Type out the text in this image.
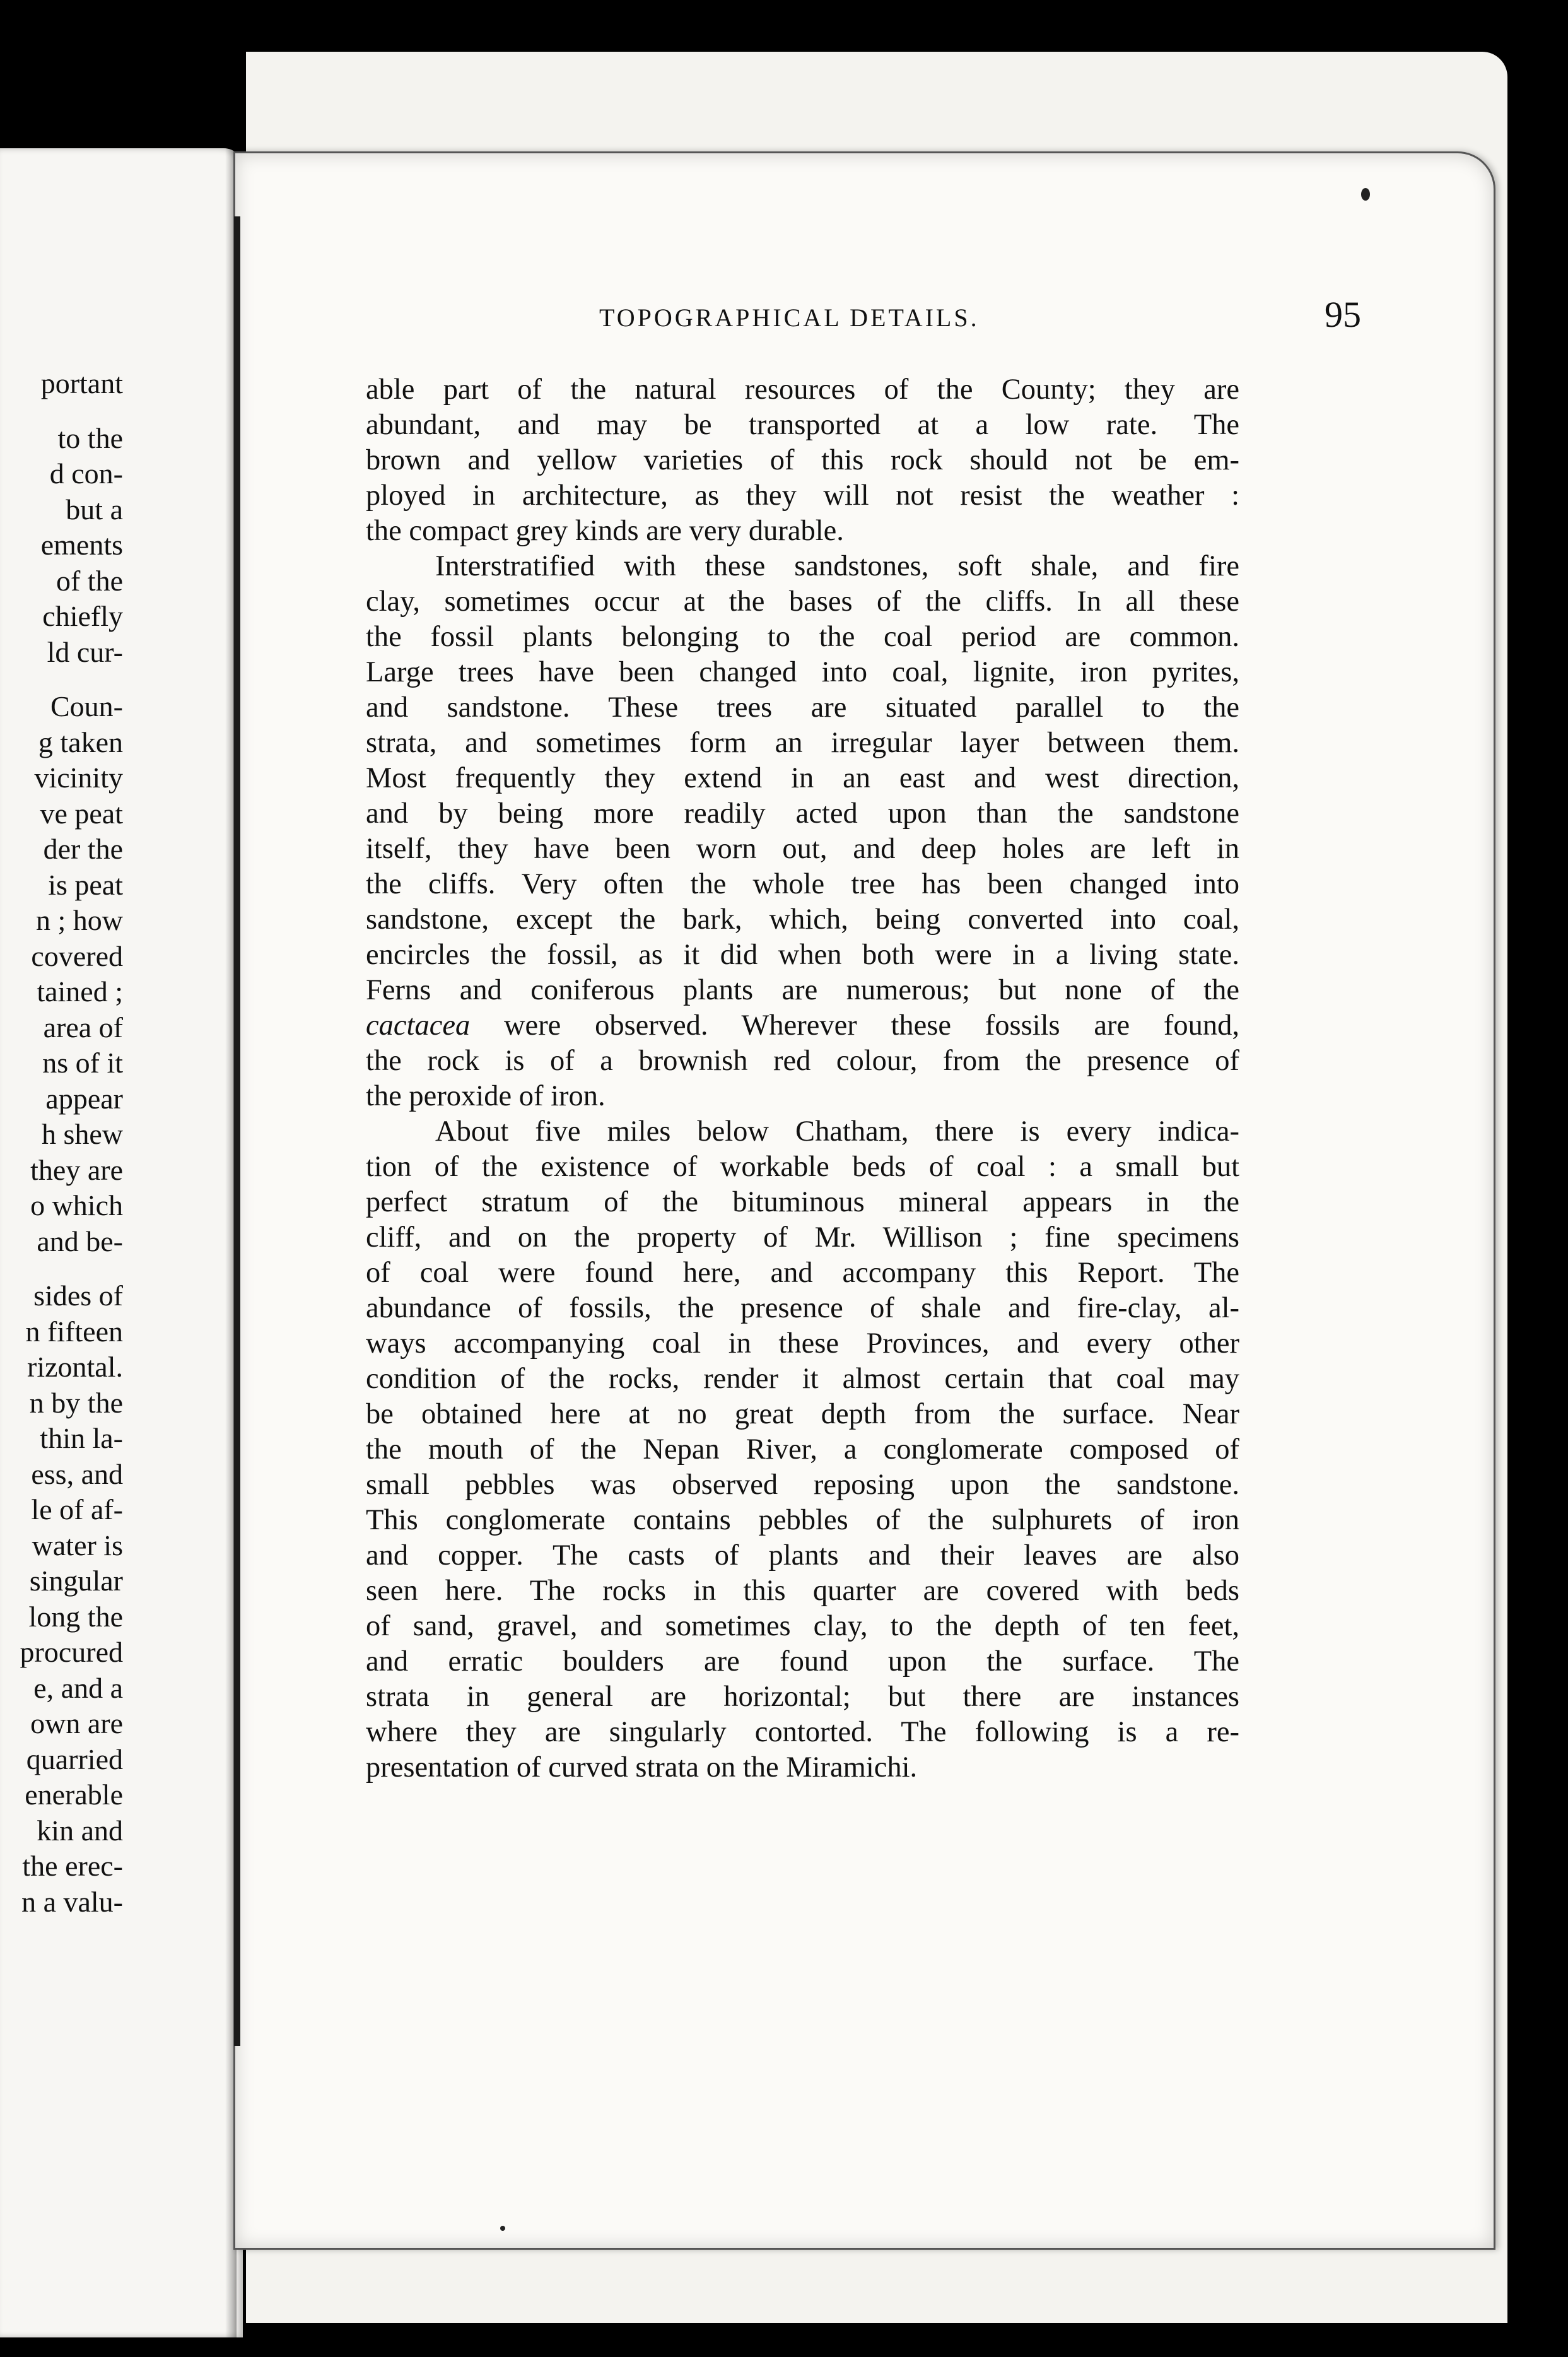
portant
to the
d con-
but a
ements
of the
chiefly
ld cur-
Coun-
g taken
vicinity
ve peat
der the
is peat
n ; how
covered
tained ;
area of
ns of it
appear
h shew
they are
o which
and be-
sides of
n fifteen
rizontal.
n by the
thin la-
ess, and
le of af-
water is
singular
long the
procured
e, and a
own are
quarried
enerable
kin and
the erec-
n a valu-
TOPOGRAPHICAL DETAILS.	95
able part of the natural resources of the County; they are
abundant, and may be transported at a low rate. The
brown and yellow varieties of this rock should not be em-
ployed in architecture, as they will not resist the weather :
the compact grey kinds are very durable.
Interstratified with these sandstones, soft shale, and fire
clay, sometimes occur at the bases of the cliffs. In all these
the fossil plants belonging to the coal period are common.
Large trees have been changed into coal, lignite, iron pyrites,
and sandstone. These trees are situated parallel to the
strata, and sometimes form an irregular layer between them.
Most frequently they extend in an east and west direction,
and by being more readily acted upon than the sandstone
itself, they have been worn out, and deep holes are left in
the cliffs. Very often the whole tree has been changed into
sandstone, except the bark, which, being converted into coal,
encircles the fossil, as it did when both were in a living state.
Ferns and coniferous plants are numerous; but none of the
cactacea were observed. Wherever these fossils are found,
the rock is of a brownish red colour, from the presence of
the peroxide of iron.
About five miles below Chatham, there is every indica-
tion of the existence of workable beds of coal : a small but
perfect stratum of the bituminous mineral appears in the
cliff, and on the property of Mr. Willison ; fine specimens
of coal were found here, and accompany this Report. The
abundance of fossils, the presence of shale and fire-clay, al-
ways accompanying coal in these Provinces, and every other
condition of the rocks, render it almost certain that coal may
be obtained here at no great depth from the surface. Near
the mouth of the Nepan River, a conglomerate composed of
small pebbles was observed reposing upon the sandstone.
This conglomerate contains pebbles of the sulphurets of iron
and copper. The casts of plants and their leaves are also
seen here. The rocks in this quarter are covered with beds
of sand, gravel, and sometimes clay, to the depth of ten feet,
and erratic boulders are found upon the surface. The
strata in general are horizontal; but there are instances
where they are singularly contorted. The following is a re-
presentation of curved strata on the Miramichi.
